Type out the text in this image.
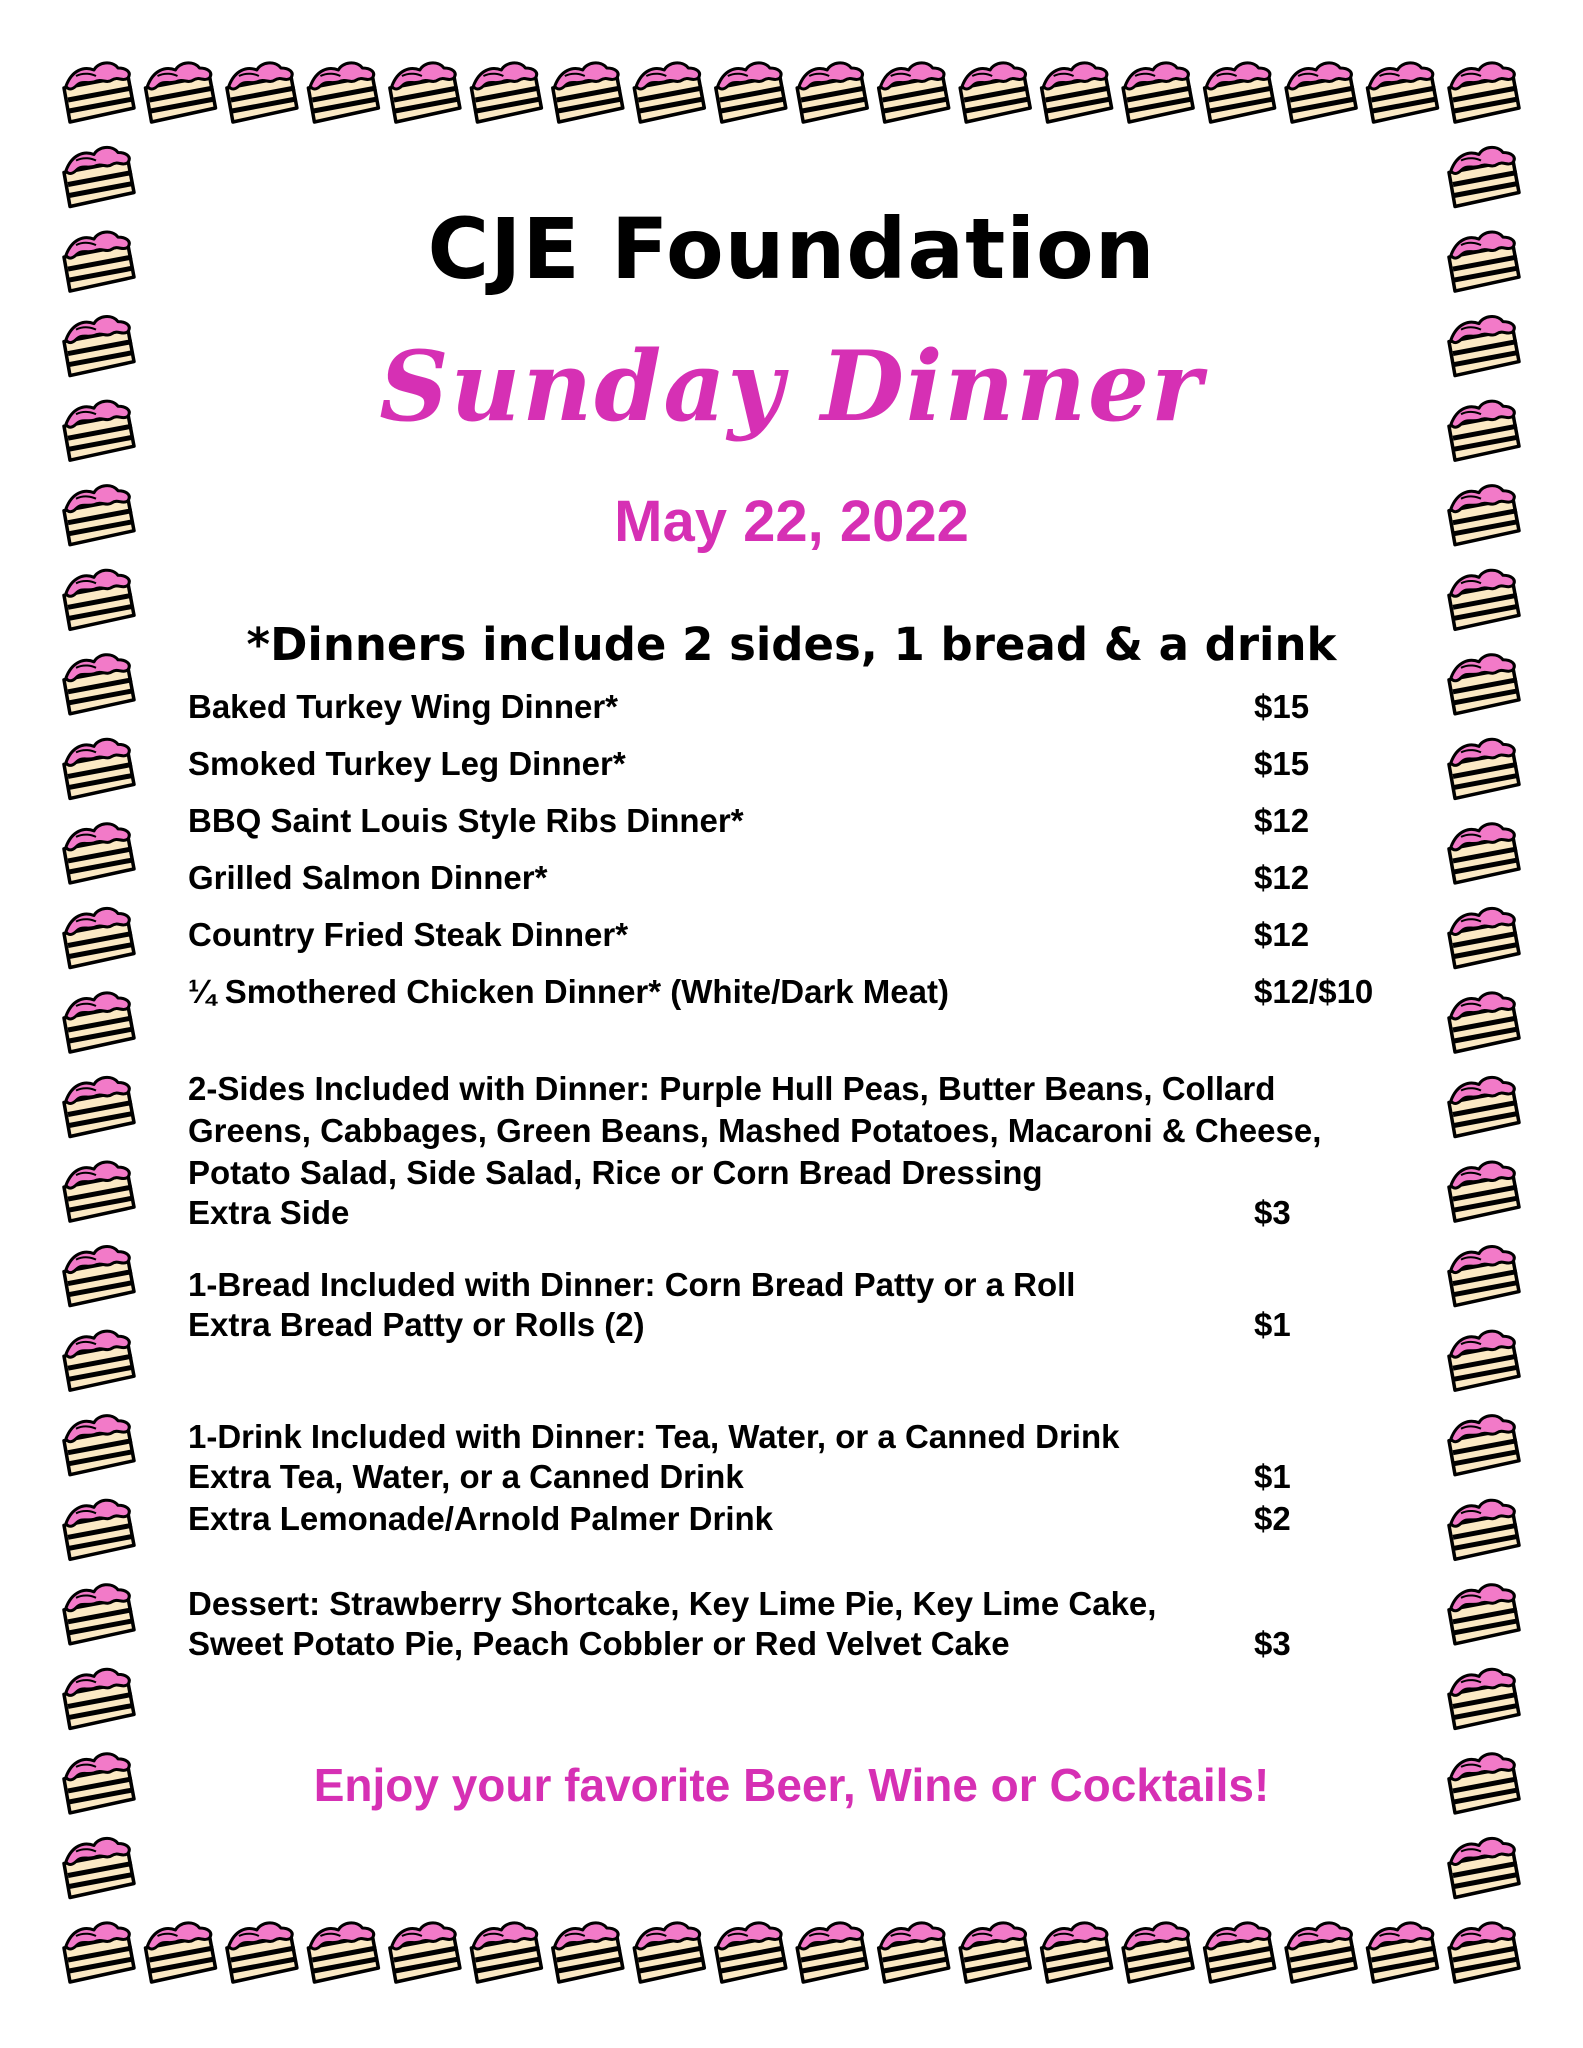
CJE Foundation
Sunday Dinner
May 22, 2022
*Dinners include 2 sides, 1 bread & a drink
Baked Turkey Wing Dinner*	$15
Smoked Turkey Leg Dinner*	$15
BBQ Saint Louis Style Ribs Dinner*	$12
Grilled Salmon Dinner*	$12
Country Fried Steak Dinner*	$12
¼ Smothered Chicken Dinner* (White/Dark Meat)	$12/$10
2-Sides Included with Dinner: Purple Hull Peas, Butter Beans, Collard
Greens, Cabbages, Green Beans, Mashed Potatoes, Macaroni & Cheese,
Potato Salad, Side Salad, Rice or Corn Bread Dressing
Extra Side	$3
1-Bread Included with Dinner: Corn Bread Patty or a Roll
Extra Bread Patty or Rolls (2)	$1
1-Drink Included with Dinner: Tea, Water, or a Canned Drink
Extra Tea, Water, or a Canned Drink	$1
Extra Lemonade/Arnold Palmer Drink	$2
Dessert: Strawberry Shortcake, Key Lime Pie, Key Lime Cake,
Sweet Potato Pie, Peach Cobbler or Red Velvet Cake	$3
Enjoy your favorite Beer, Wine or Cocktails!
